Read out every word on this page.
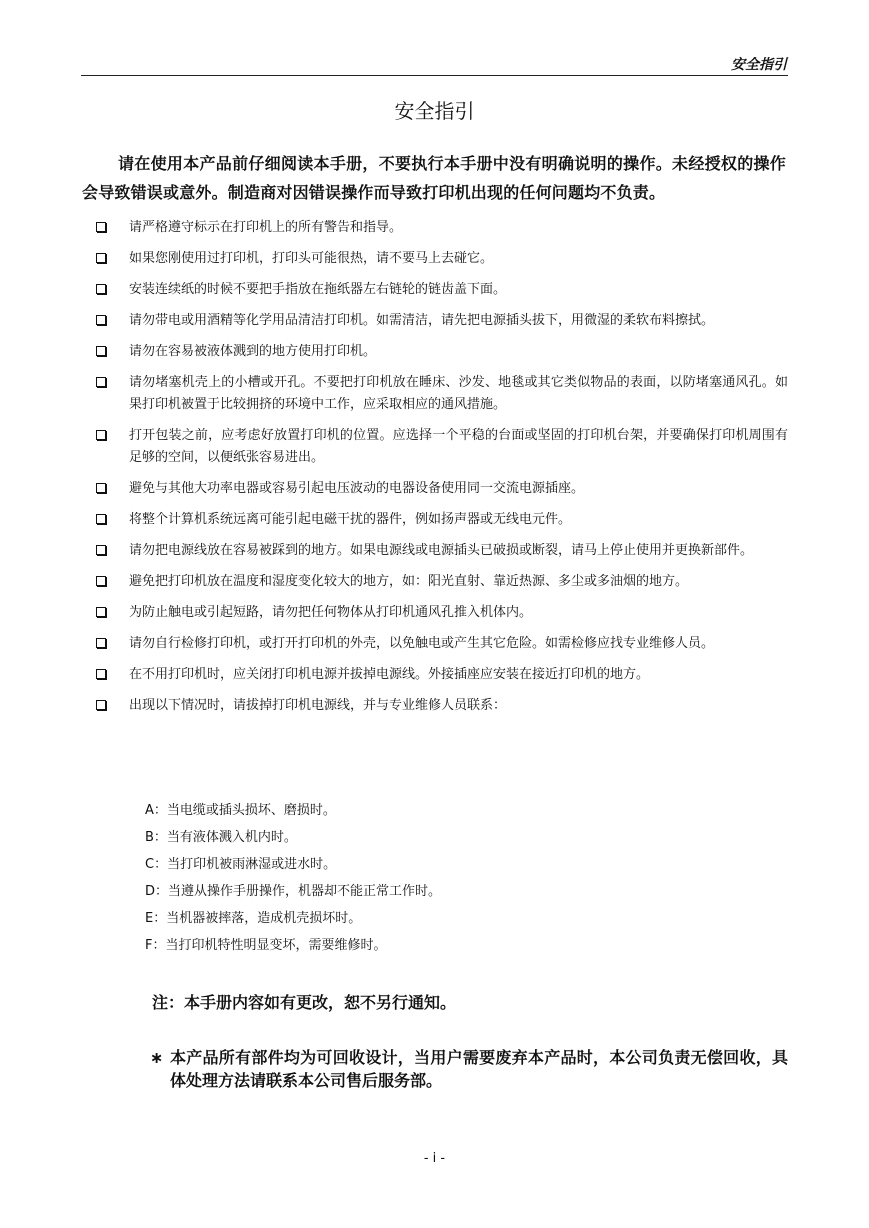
安全指引
安全指引
请在使用本产品前仔细阅读本手册，不要执行本手册中没有明确说明的操作。未经授权的操作会导致错误或意外。制造商对因错误操作而导致打印机出现的任何问题均不负责。
请严格遵守标示在打印机上的所有警告和指导。
如果您刚使用过打印机，打印头可能很热，请不要马上去碰它。
安装连续纸的时候不要把手指放在拖纸器左右链轮的链齿盖下面。
请勿带电或用酒精等化学用品清洁打印机。如需清洁，请先把电源插头拔下，用微湿的柔软布料擦拭。
请勿在容易被液体溅到的地方使用打印机。
请勿堵塞机壳上的小槽或开孔。不要把打印机放在睡床、沙发、地毯或其它类似物品的表面，以防堵塞通风孔。如果打印机被置于比较拥挤的环境中工作，应采取相应的通风措施。
打开包装之前，应考虑好放置打印机的位置。应选择一个平稳的台面或坚固的打印机台架，并要确保打印机周围有足够的空间，以便纸张容易进出。
避免与其他大功率电器或容易引起电压波动的电器设备使用同一交流电源插座。
将整个计算机系统远离可能引起电磁干扰的器件，例如扬声器或无线电元件。
请勿把电源线放在容易被踩到的地方。如果电源线或电源插头已破损或断裂，请马上停止使用并更换新部件。
避免把打印机放在温度和湿度变化较大的地方，如：阳光直射、靠近热源、多尘或多油烟的地方。
为防止触电或引起短路，请勿把任何物体从打印机通风孔推入机体内。
请勿自行检修打印机，或打开打印机的外壳，以免触电或产生其它危险。如需检修应找专业维修人员。
在不用打印机时，应关闭打印机电源并拔掉电源线。外接插座应安装在接近打印机的地方。
出现以下情况时，请拔掉打印机电源线，并与专业维修人员联系：
A：当电缆或插头损坏、磨损时。
B：当有液体溅入机内时。
C：当打印机被雨淋湿或进水时。
D：当遵从操作手册操作，机器却不能正常工作时。
E：当机器被摔落，造成机壳损坏时。
F：当打印机特性明显变坏，需要维修时。
注：本手册内容如有更改，恕不另行通知。
∗ 本产品所有部件均为可回收设计，当用户需要废弃本产品时，本公司负责无偿回收，具体处理方法请联系本公司售后服务部。
- i -
